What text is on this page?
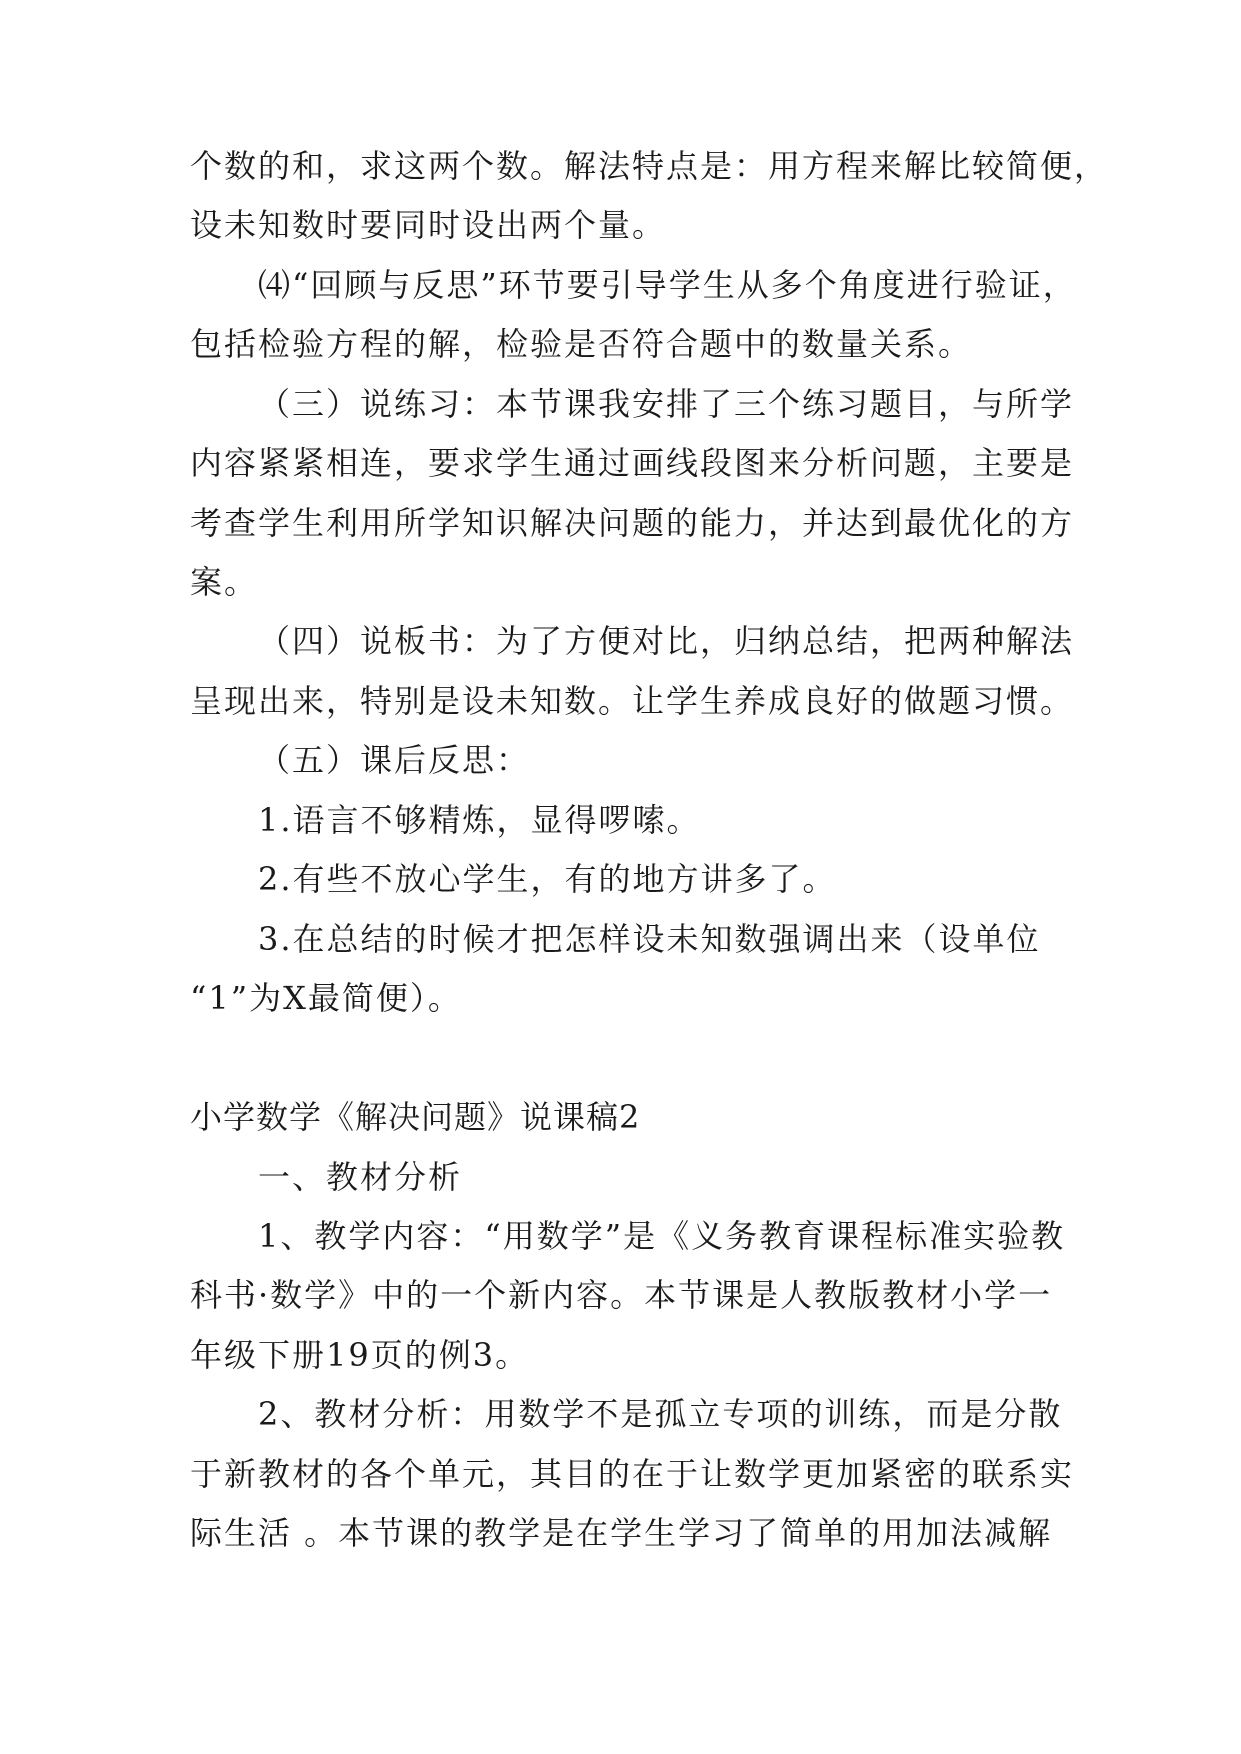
个数的和，求这两个数。解法特点是：用方程来解比较简便，
设未知数时要同时设出两个量。
⑷“回顾与反思”环节要引导学生从多个角度进行验证，
包括检验方程的解，检验是否符合题中的数量关系。
（三）说练习：本节课我安排了三个练习题目，与所学
内容紧紧相连，要求学生通过画线段图来分析问题，主要是
考查学生利用所学知识解决问题的能力，并达到最优化的方
案。
（四）说板书：为了方便对比，归纳总结，把两种解法
呈现出来，特别是设未知数。让学生养成良好的做题习惯。
（五）课后反思：
1.语言不够精炼，显得啰嗦。
2.有些不放心学生，有的地方讲多了。
3.在总结的时候才把怎样设未知数强调出来（设单位
“1”为X最简便）。
小学数学《解决问题》说课稿2
一、教材分析
1、教学内容：“用数学”是《义务教育课程标准实验教
科书·数学》中的一个新内容。本节课是人教版教材小学一
年级下册19页的例3。
2、教材分析：用数学不是孤立专项的训练，而是分散
于新教材的各个单元，其目的在于让数学更加紧密的联系实
际生活 。本节课的教学是在学生学习了简单的用加法减解
